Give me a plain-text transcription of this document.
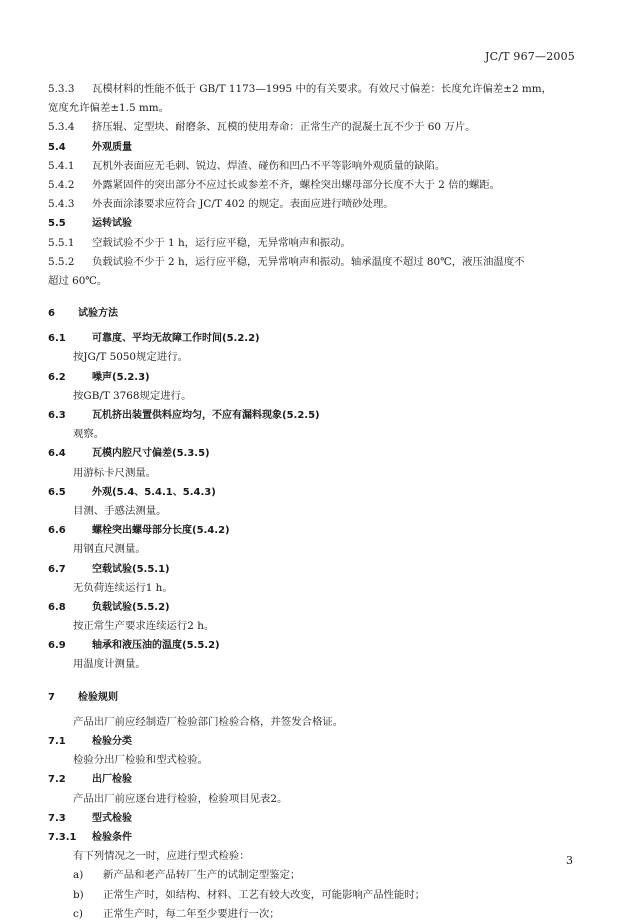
JC/T 967—2005
5.3.3 瓦模材料的性能不低于 GB/T 1173—1995 中的有关要求。有效尺寸偏差：长度允许偏差±2 mm，
宽度允许偏差±1.5 mm。
5.3.4 挤压辊、定型块、耐磨条、瓦模的使用寿命：正常生产的混凝土瓦不少于 60 万片。
5.4	外观质量
5.4.1 瓦机外表面应无毛刺、锐边、焊渣、碰伤和凹凸不平等影响外观质量的缺陷。
5.4.2 外露紧固件的突出部分不应过长或参差不齐，螺栓突出螺母部分长度不大于 2 倍的螺距。
5.4.3 外表面涂漆要求应符合 JC/T 402 的规定。表面应进行喷砂处理。
5.5	运转试验
5.5.1 空载试验不少于 1 h，运行应平稳，无异常响声和振动。
5.5.2 负载试验不少于 2 h，运行应平稳，无异常响声和振动。轴承温度不超过 80℃，液压油温度不
超过 60℃。
6 试验方法
6.1	可靠度、平均无故障工作时间(5.2.2)
按JG/T 5050规定进行。
6.2	噪声(5.2.3)
按GB/T 3768规定进行。
6.3	瓦机挤出装置供料应均匀，不应有漏料现象(5.2.5)
观察。
6.4	瓦模内腔尺寸偏差(5.3.5)
用游标卡尺测量。
6.5	外观(5.4、5.4.1、5.4.3)
目测、手感法测量。
6.6	螺栓突出螺母部分长度(5.4.2)
用钢直尺测量。
6.7	空载试验(5.5.1)
无负荷连续运行1 h。
6.8	负载试验(5.5.2)
按正常生产要求连续运行2 h。
6.9	轴承和液压油的温度(5.5.2)
用温度计测量。
7 检验规则
产品出厂前应经制造厂检验部门检验合格，并签发合格证。
7.1	检验分类
检验分出厂检验和型式检验。
7.2	出厂检验
产品出厂前应逐台进行检验，检验项目见表2。
7.3	型式检验
7.3.1 检验条件
有下列情况之一时，应进行型式检验：
a) 新产品和老产品转厂生产的试制定型鉴定；
b) 正常生产时，如结构、材料、工艺有较大改变，可能影响产品性能时；
c) 正常生产时，每二年至少要进行一次；
3
